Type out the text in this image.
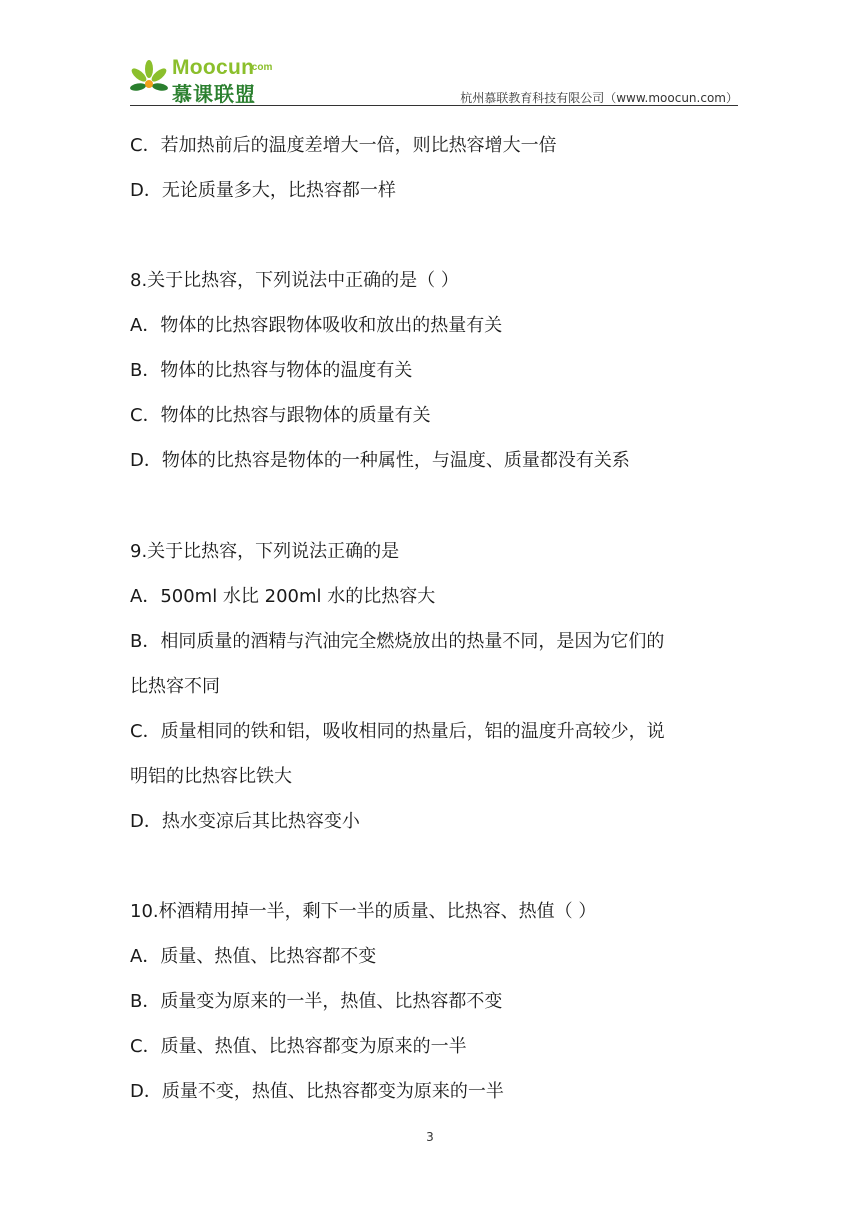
Moocun
.com
慕课联盟	杭州慕联教育科技有限公司（www.moocun.com）
C．若加热前后的温度差增大一倍，则比热容增大一倍
D．无论质量多大，比热容都一样
8.关于比热容，下列说法中正确的是（ ）
A．物体的比热容跟物体吸收和放出的热量有关
B．物体的比热容与物体的温度有关
C．物体的比热容与跟物体的质量有关
D．物体的比热容是物体的一种属性，与温度、质量都没有关系
9.关于比热容，下列说法正确的是
A．500ml 水比 200ml 水的比热容大
B．相同质量的酒精与汽油完全燃烧放出的热量不同，是因为它们的
比热容不同
C．质量相同的铁和铝，吸收相同的热量后，铝的温度升高较少，说
明铝的比热容比铁大
D．热水变凉后其比热容变小
10.杯酒精用掉一半，剩下一半的质量、比热容、热值（ ）
A．质量、热值、比热容都不变
B．质量变为原来的一半，热值、比热容都不变
C．质量、热值、比热容都变为原来的一半
D．质量不变，热值、比热容都变为原来的一半
3
